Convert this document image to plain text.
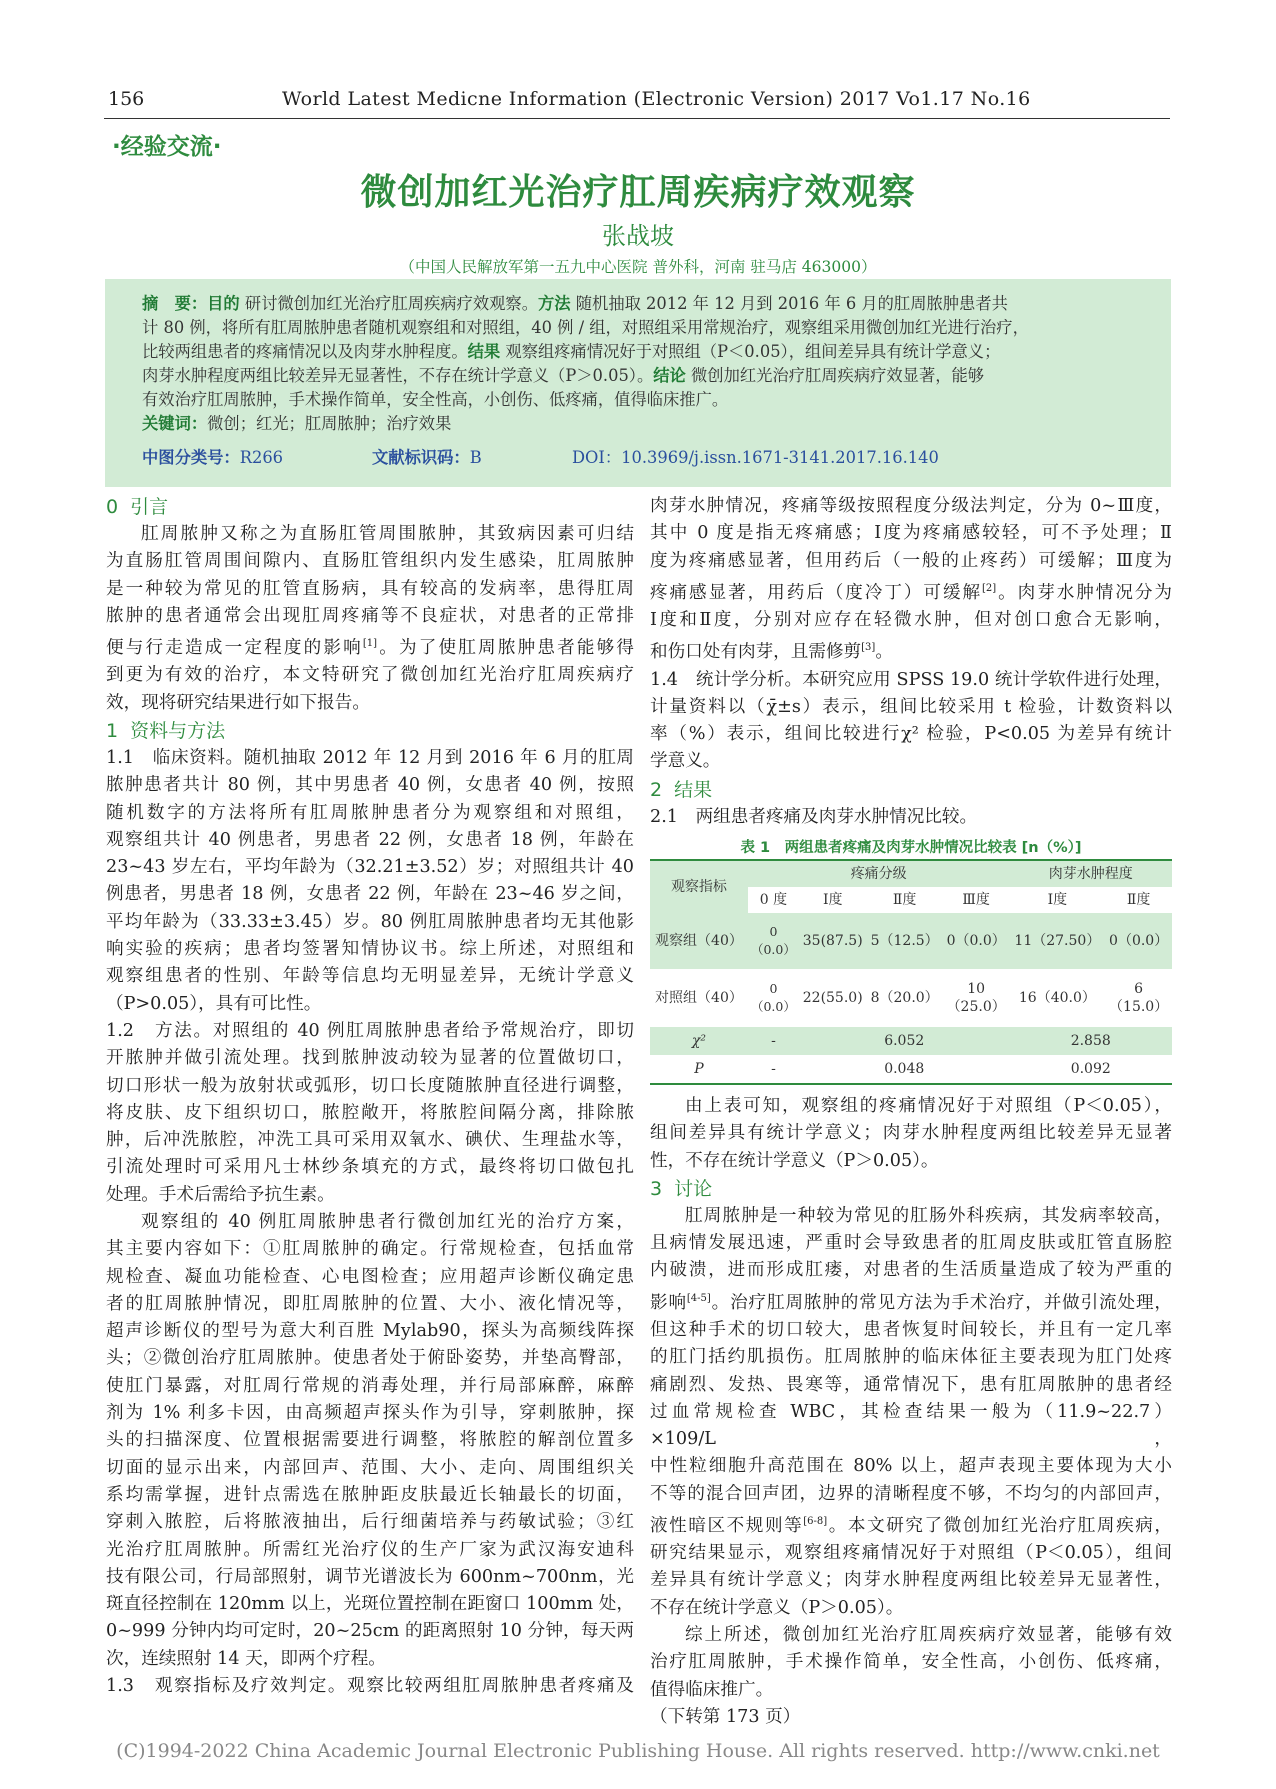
156	World Latest Medicne Information (Electronic Version) 2017 Vo1.17 No.16
·经验交流·
微创加红光治疗肛周疾病疗效观察
张战坡
（中国人民解放军第一五九中心医院 普外科，河南 驻马店 463000）
摘　要：目的 研讨微创加红光治疗肛周疾病疗效观察。方法 随机抽取 2012 年 12 月到 2016 年 6 月的肛周脓肿患者共
计 80 例，将所有肛周脓肿患者随机观察组和对照组，40 例 / 组，对照组采用常规治疗，观察组采用微创加红光进行治疗，
比较两组患者的疼痛情况以及肉芽水肿程度。结果 观察组疼痛情况好于对照组（P＜0.05），组间差异具有统计学意义；
肉芽水肿程度两组比较差异无显著性，不存在统计学意义（P＞0.05）。结论 微创加红光治疗肛周疾病疗效显著，能够
有效治疗肛周脓肿，手术操作简单，安全性高，小创伤、低疼痛，值得临床推广。
关键词：微创；红光；肛周脓肿；治疗效果
中图分类号：R266	文献标识码：B	DOI：10.3969/j.issn.1671-3141.2017.16.140
0 引言

肛周脓肿又称之为直肠肛管周围脓肿，其致病因素可归结

为直肠肛管周围间隙内、直肠肛管组织内发生感染，肛周脓肿

是一种较为常见的肛管直肠病，具有较高的发病率，患得肛周

脓肿的患者通常会出现肛周疼痛等不良症状，对患者的正常排

便与行走造成一定程度的影响[1]。为了使肛周脓肿患者能够得

到更为有效的治疗，本文特研究了微创加红光治疗肛周疾病疗

效，现将研究结果进行如下报告。

1 资料与方法

1.1　临床资料。随机抽取 2012 年 12 月到 2016 年 6 月的肛周

脓肿患者共计 80 例，其中男患者 40 例，女患者 40 例，按照

随机数字的方法将所有肛周脓肿患者分为观察组和对照组，

观察组共计 40 例患者，男患者 22 例，女患者 18 例，年龄在

23~43 岁左右，平均年龄为（32.21±3.52）岁；对照组共计 40

例患者，男患者 18 例，女患者 22 例，年龄在 23~46 岁之间，

平均年龄为（33.33±3.45）岁。80 例肛周脓肿患者均无其他影

响实验的疾病；患者均签署知情协议书。综上所述，对照组和

观察组患者的性别、年龄等信息均无明显差异，无统计学意义

（P>0.05），具有可比性。

1.2　方法。对照组的 40 例肛周脓肿患者给予常规治疗，即切

开脓肿并做引流处理。找到脓肿波动较为显著的位置做切口，

切口形状一般为放射状或弧形，切口长度随脓肿直径进行调整，

将皮肤、皮下组织切口，脓腔敞开，将脓腔间隔分离，排除脓

肿，后冲洗脓腔，冲洗工具可采用双氧水、碘伏、生理盐水等，

引流处理时可采用凡士林纱条填充的方式，最终将切口做包扎

处理。手术后需给予抗生素。

观察组的 40 例肛周脓肿患者行微创加红光的治疗方案，

其主要内容如下：①肛周脓肿的确定。行常规检查，包括血常

规检查、凝血功能检查、心电图检查；应用超声诊断仪确定患

者的肛周脓肿情况，即肛周脓肿的位置、大小、液化情况等，

超声诊断仪的型号为意大利百胜 Mylab90，探头为高频线阵探

头；②微创治疗肛周脓肿。使患者处于俯卧姿势，并垫高臀部，

使肛门暴露，对肛周行常规的消毒处理，并行局部麻醉，麻醉

剂为 1% 利多卡因，由高频超声探头作为引导，穿刺脓肿，探

头的扫描深度、位置根据需要进行调整，将脓腔的解剖位置多

切面的显示出来，内部回声、范围、大小、走向、周围组织关

系均需掌握，进针点需选在脓肿距皮肤最近长轴最长的切面，

穿刺入脓腔，后将脓液抽出，后行细菌培养与药敏试验；③红

光治疗肛周脓肿。所需红光治疗仪的生产厂家为武汉海安迪科

技有限公司，行局部照射，调节光谱波长为 600nm~700nm，光

斑直径控制在 120mm 以上，光斑位置控制在距窗口 100mm 处，

0~999 分钟内均可定时，20~25cm 的距离照射 10 分钟，每天两

次，连续照射 14 天，即两个疗程。

1.3　观察指标及疗效判定。观察比较两组肛周脓肿患者疼痛及

肉芽水肿情况，疼痛等级按照程度分级法判定，分为 0~Ⅲ度，

其中 0 度是指无疼痛感；Ⅰ度为疼痛感较轻，可不予处理；Ⅱ

度为疼痛感显著，但用药后（一般的止疼药）可缓解；Ⅲ度为

疼痛感显著，用药后（度冷丁）可缓解[2]。肉芽水肿情况分为

Ⅰ度和Ⅱ度，分别对应存在轻微水肿，但对创口愈合无影响，

和伤口处有肉芽，且需修剪[3]。

1.4　统计学分析。本研究应用 SPSS 19.0 统计学软件进行处理，

计量资料以（χ̄±s）表示，组间比较采用 t 检验，计数资料以

率（%）表示，组间比较进行χ² 检验，P<0.05 为差异有统计

学意义。

2 结果

2.1　两组患者疼痛及肉芽水肿情况比较。

表 1　两组患者疼痛及肉芽水肿情况比较表 [n（%）]
观察指标	疼痛分级				肉芽水肿程度	
	0 度	Ⅰ度	Ⅱ度	Ⅲ度	Ⅰ度	Ⅱ度
观察组（40）	0
（0.0）	35(87.5)	5（12.5）	0（0.0）	11（27.50）	0（0.0）
对照组（40）	0
（0.0）	22(55.0)	8（20.0）	10
（25.0）	16（40.0）	6
（15.0）
χ²	-	6.052			2.858	
P	-	0.048			0.092	

由上表可知，观察组的疼痛情况好于对照组（P＜0.05），

组间差异具有统计学意义；肉芽水肿程度两组比较差异无显著

性，不存在统计学意义（P＞0.05）。

3 讨论

肛周脓肿是一种较为常见的肛肠外科疾病，其发病率较高，

且病情发展迅速，严重时会导致患者的肛周皮肤或肛管直肠腔

内破溃，进而形成肛瘘，对患者的生活质量造成了较为严重的

影响[4-5]。治疗肛周脓肿的常见方法为手术治疗，并做引流处理，

但这种手术的切口较大，患者恢复时间较长，并且有一定几率

的肛门括约肌损伤。肛周脓肿的临床体征主要表现为肛门处疼

痛剧烈、发热、畏寒等，通常情况下，患有肛周脓肿的患者经

过血常规检查 WBC，其检查结果一般为（11.9~22.7）×109/L，

中性粒细胞升高范围在 80% 以上，超声表现主要体现为大小

不等的混合回声团，边界的清晰程度不够，不均匀的内部回声，

液性暗区不规则等[6-8]。本文研究了微创加红光治疗肛周疾病，

研究结果显示，观察组疼痛情况好于对照组（P＜0.05），组间

差异具有统计学意义；肉芽水肿程度两组比较差异无显著性，

不存在统计学意义（P＞0.05）。

综上所述，微创加红光治疗肛周疾病疗效显著，能够有效

治疗肛周脓肿，手术操作简单，安全性高，小创伤、低疼痛，

值得临床推广。

（下转第 173 页）

(C)1994-2022 China Academic Journal Electronic Publishing House. All rights reserved. http://www.cnki.net
